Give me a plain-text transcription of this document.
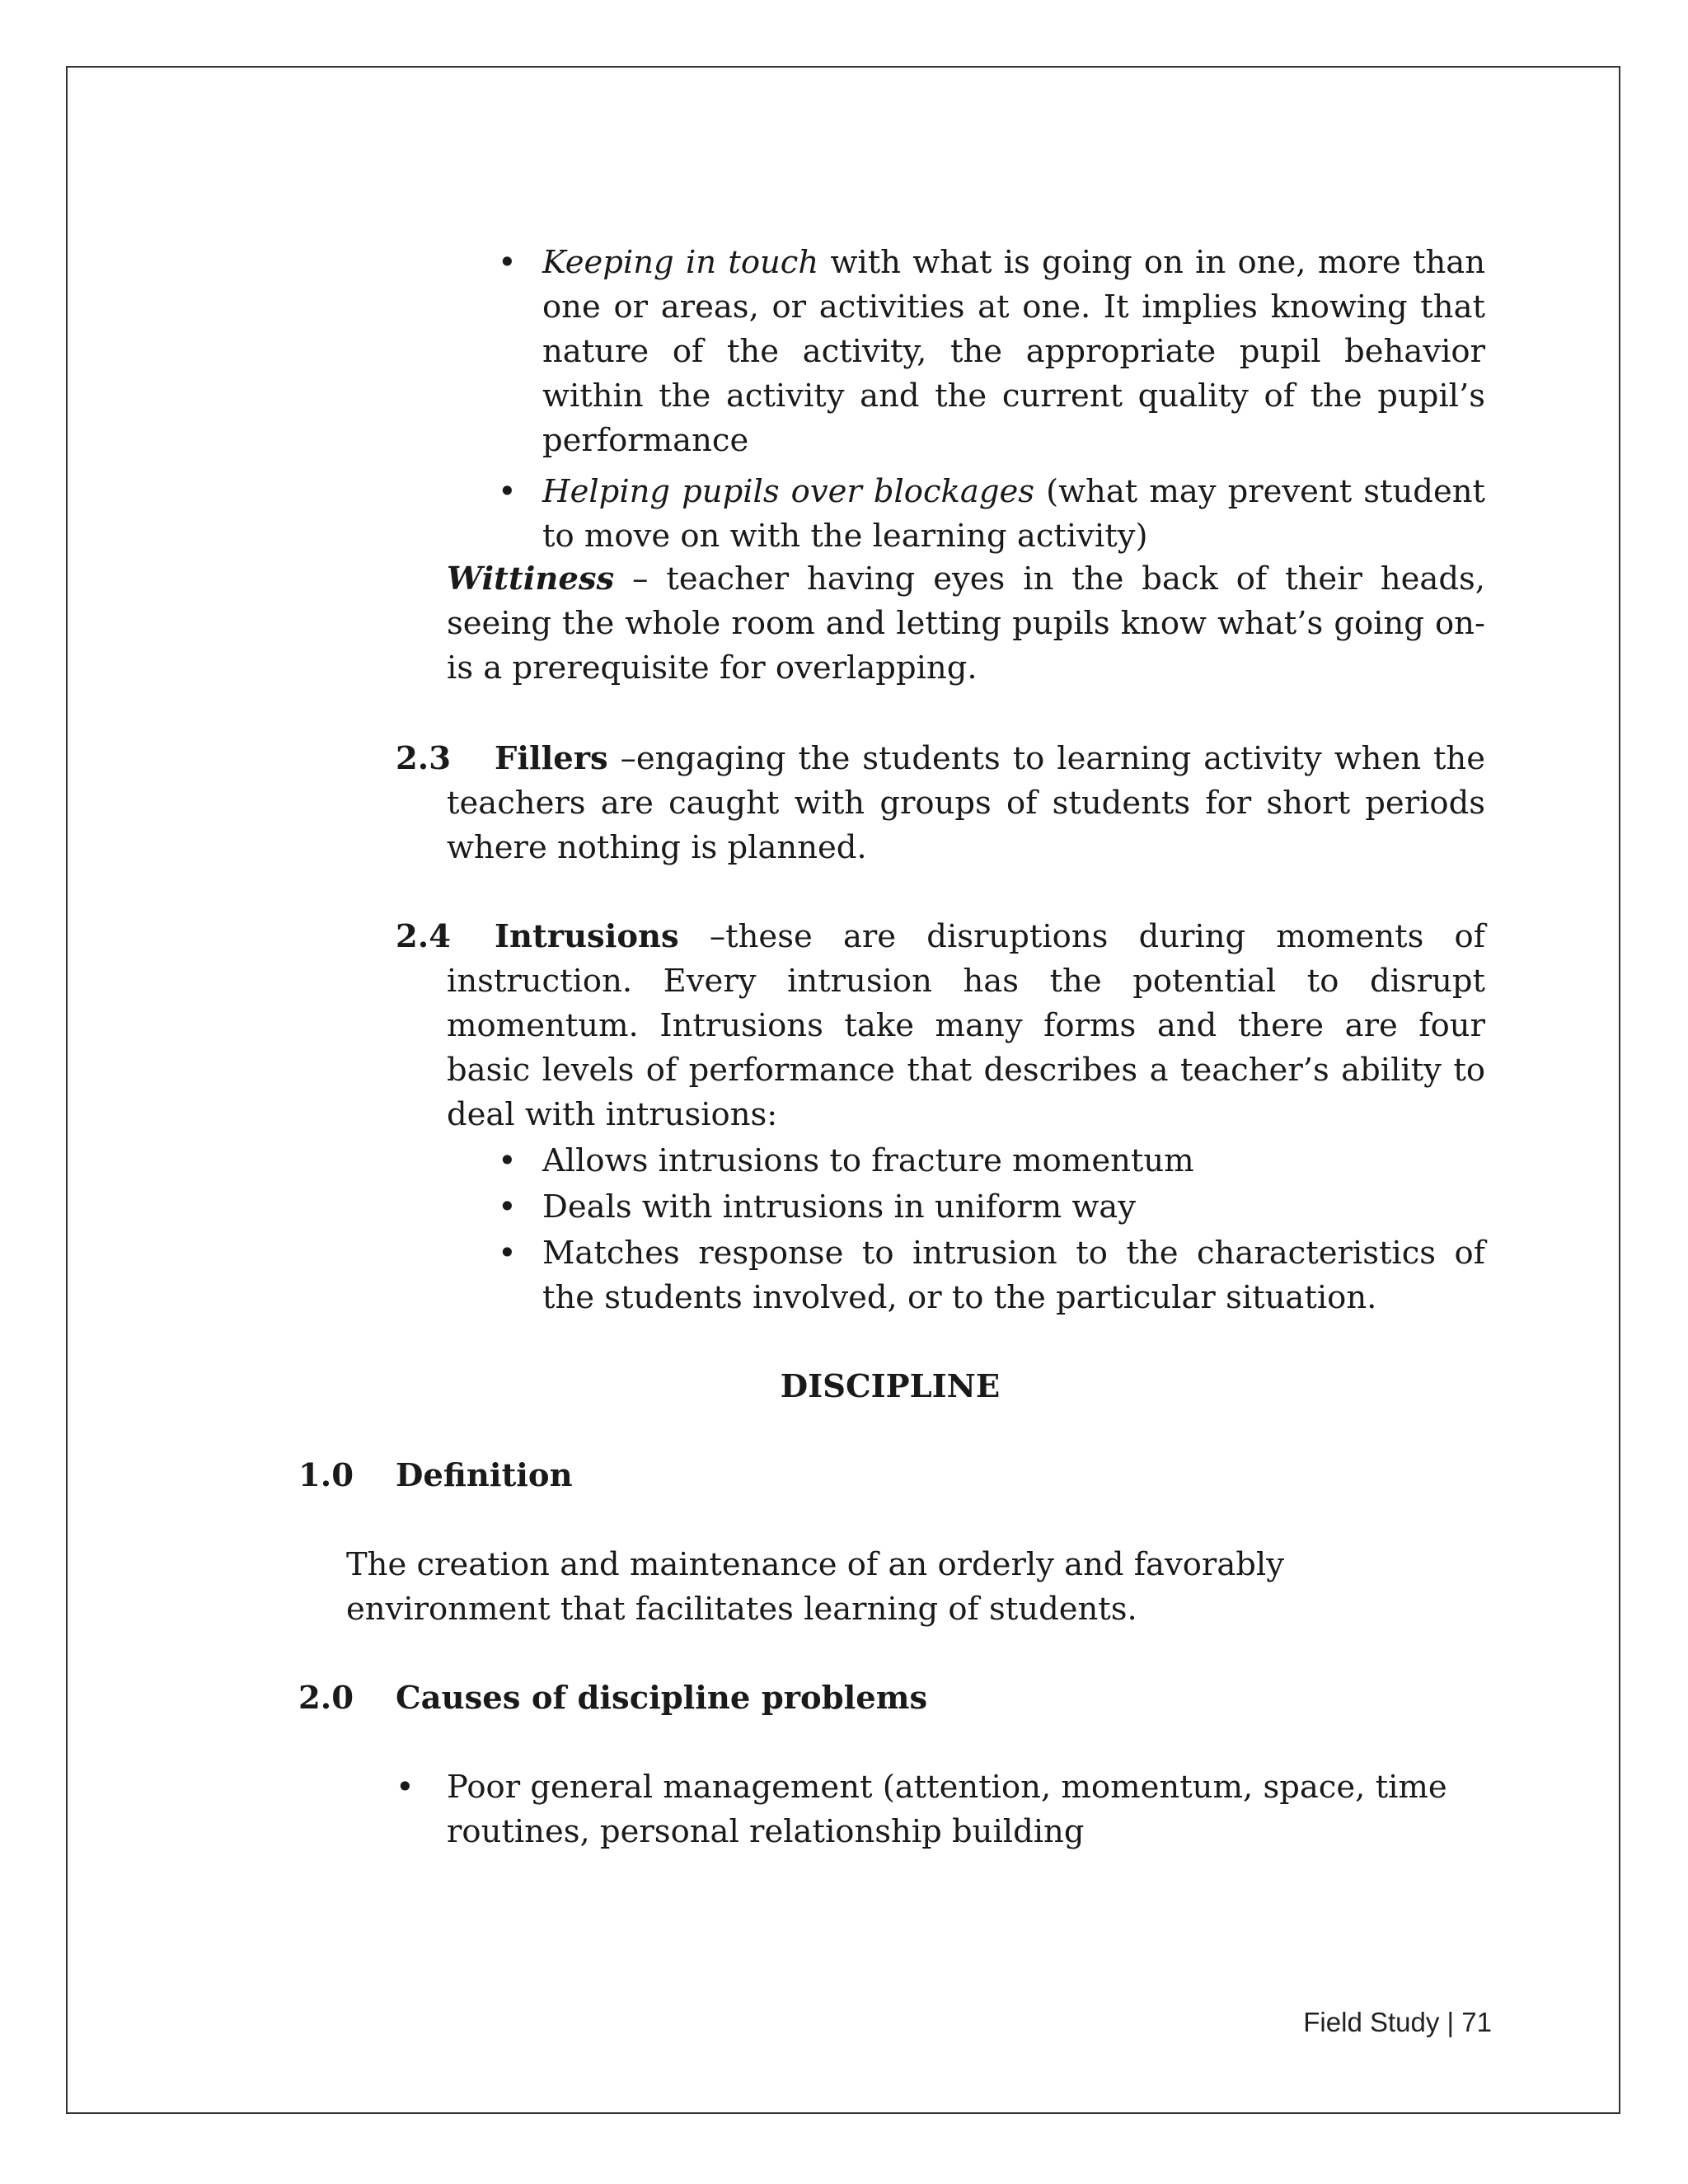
• Keeping in touch with what is going on in one, more than one or areas, or activities at one. It implies knowing that nature of the activity, the appropriate pupil behavior within the activity and the current quality of the pupil’s performance
• Helping pupils over blockages (what may prevent student to move on with the learning activity)
Wittiness – teacher having eyes in the back of their heads, seeing the whole room and letting pupils know what’s going on- is a prerequisite for overlapping.
2.3	Fillers –engaging the students to learning activity when the teachers are caught with groups of students for short periods where nothing is planned.
2.4	Intrusions –these are disruptions during moments of instruction. Every intrusion has the potential to disrupt momentum. Intrusions take many forms and there are four basic levels of performance that describes a teacher’s ability to deal with intrusions:
• Allows intrusions to fracture momentum
• Deals with intrusions in uniform way
• Matches response to intrusion to the characteristics of the students involved, or to the particular situation.
DISCIPLINE
1.0 Definition
The creation and maintenance of an orderly and favorably environment that facilitates learning of students.
2.0 Causes of discipline problems
• Poor general management (attention, momentum, space, time routines, personal relationship building
Field Study | 71
